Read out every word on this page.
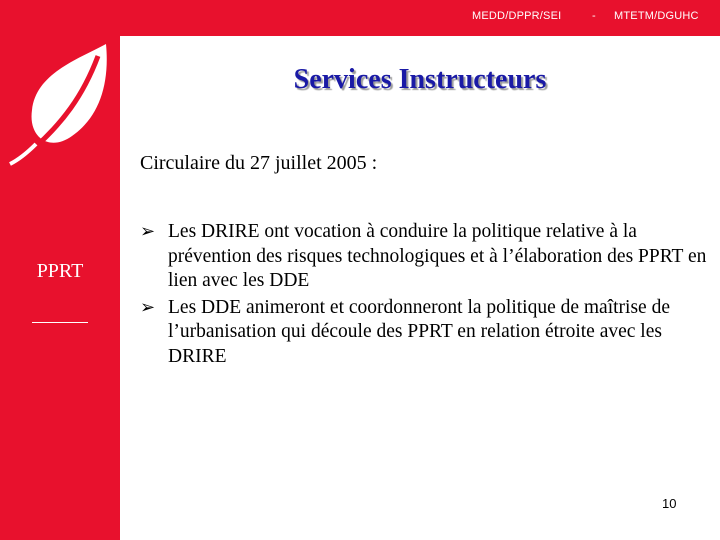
MEDD/DPPR/SEI	- MTETM/DGUHC
Services Instructeurs
Circulaire du 27 juillet 2005 :
PPRT
➢ Les DRIRE ont vocation à conduire la politique relative à la prévention des risques technologiques et à l’élaboration des PPRT en lien avec les DDE
➢ Les DDE animeront et coordonneront la politique de maîtrise de l’urbanisation qui découle des PPRT en relation étroite avec les DRIRE
10
